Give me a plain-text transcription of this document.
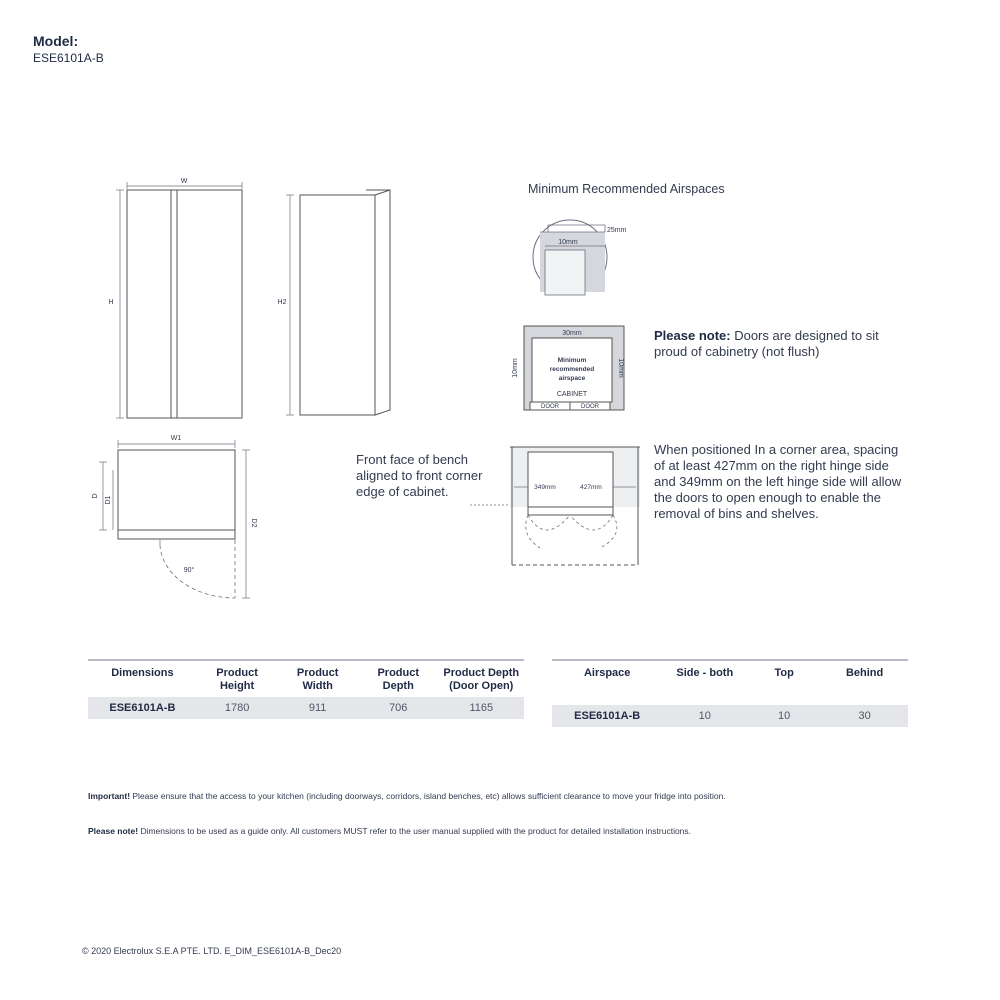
Model:
ESE6101A-B
W
H	H2
W1
D D1
D2
90°
Minimum Recommended Airspaces
25mm
10mm
30mm
10mm	10mm
Minimum
recommended
airspace
CABINET
DOOR	DOOR
349mm	427mm
Please note: Doors are designed to sit proud of cabinetry (not flush)
Front face of bench aligned to front corner edge of cabinet.
When positioned In a corner area, spacing of at least 427mm on the right hinge side and 349mm on the left hinge side will allow the doors to open enough to enable the removal of bins and shelves.
Dimensions	Product Height	Product Width	Product Depth	Product Depth (Door Open)
ESE6101A-B	1780	911	706	1165
Airspace	Side - both	Top	Behind
ESE6101A-B	10	10	30
Important! Please ensure that the access to your kitchen (including doorways, corridors, island benches, etc) allows sufficient clearance to move your fridge into position.
Please note! Dimensions to be used as a guide only. All customers MUST refer to the user manual supplied with the product for detailed installation instructions.
© 2020 Electrolux S.E.A PTE. LTD. E_DIM_ESE6101A-B_Dec20
